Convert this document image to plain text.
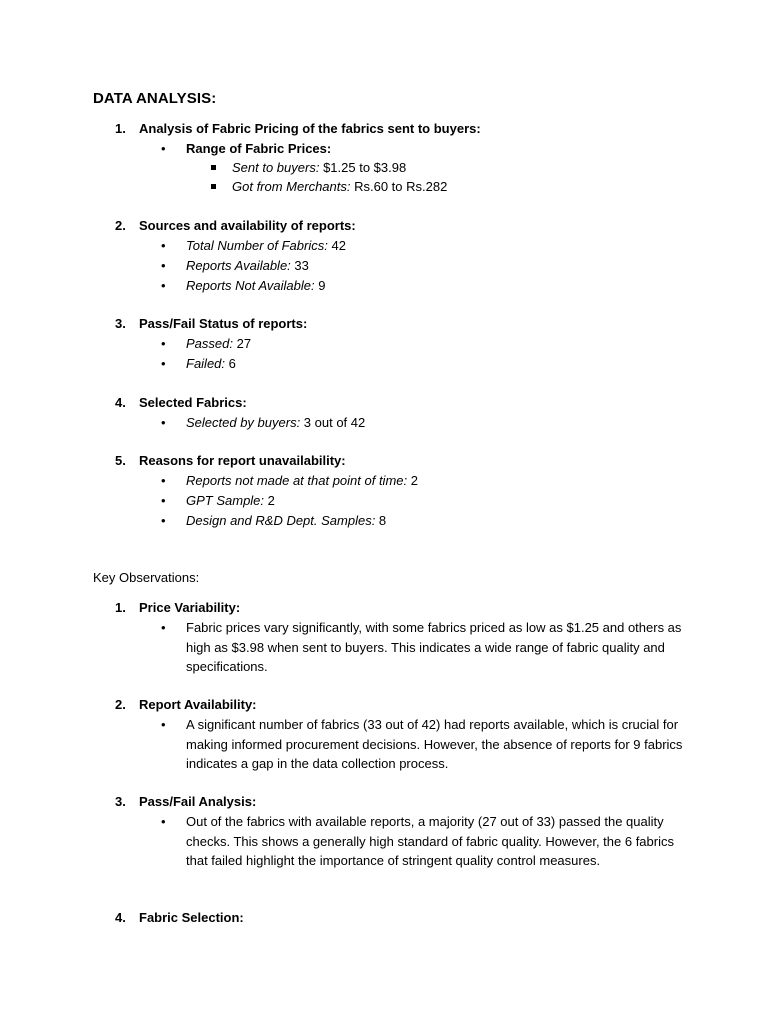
DATA ANALYSIS:
1. Analysis of Fabric Pricing of the fabrics sent to buyers:
• Range of Fabric Prices:
Sent to buyers: $1.25 to $3.98
Got from Merchants: Rs.60 to Rs.282
2. Sources and availability of reports:
• Total Number of Fabrics: 42
• Reports Available: 33
• Reports Not Available: 9
3. Pass/Fail Status of reports:
• Passed: 27
• Failed: 6
4. Selected Fabrics:
• Selected by buyers: 3 out of 42
5. Reasons for report unavailability:
• Reports not made at that point of time: 2
• GPT Sample: 2
• Design and R&D Dept. Samples: 8
Key Observations:
1. Price Variability:
• Fabric prices vary significantly, with some fabrics priced as low as $1.25 and others as high as $3.98 when sent to buyers. This indicates a wide range of fabric quality and specifications.
2. Report Availability:
• A significant number of fabrics (33 out of 42) had reports available, which is crucial for making informed procurement decisions. However, the absence of reports for 9 fabrics indicates a gap in the data collection process.
3. Pass/Fail Analysis:
• Out of the fabrics with available reports, a majority (27 out of 33) passed the quality checks. This shows a generally high standard of fabric quality. However, the 6 fabrics that failed highlight the importance of stringent quality control measures.
4. Fabric Selection:
